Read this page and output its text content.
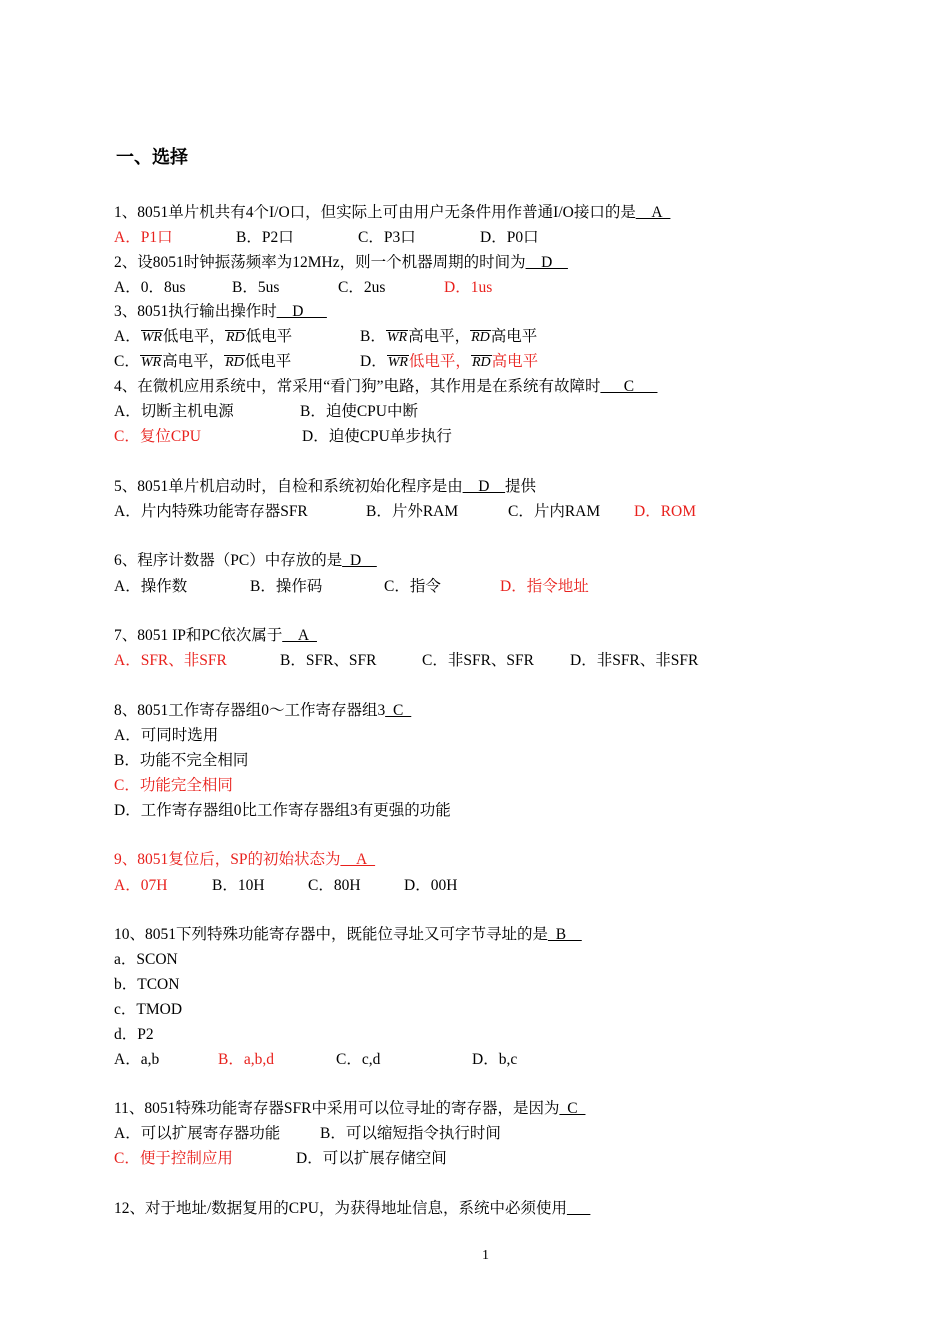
一、选择
1、8051单片机共有4个I/O口，但实际上可由用户无条件用作普通I/O接口的是__A_
A．P1口	B．P2口	C．P3口	D．P0口
2、设8051时钟振荡频率为12MHz，则一个机器周期的时间为__D__
A．0．8us	B．5us	C．2us	D．1us
3、8051执行输出操作时__D___
A．WR低电平，RD低电平	B．WR高电平，RD高电平
C．WR高电平，RD低电平	D．WR低电平，RD高电平
4、在微机应用系统中，常采用“看门狗”电路，其作用是在系统有故障时___C___
A．切断主机电源	B．迫使CPU中断
C．复位CPU	D．迫使CPU单步执行
5、8051单片机启动时，自检和系统初始化程序是由__D__提供
A．片内特殊功能寄存器SFR	B．片外RAM	C．片内RAM D．ROM
6、程序计数器（PC）中存放的是_D__
A．操作数	B．操作码	C．指令	D．指令地址
7、8051 IP和PC依次属于__A_
A．SFR、非SFR	B．SFR、SFR	C．非SFR、SFR D．非SFR、非SFR
8、8051工作寄存器组0～工作寄存器组3_C_
A．可同时选用
B．功能不完全相同
C．功能完全相同
D．工作寄存器组0比工作寄存器组3有更强的功能
9、8051复位后，SP的初始状态为__A_
A．07H	B．10H	C．80H	D．00H
10、8051下列特殊功能寄存器中，既能位寻址又可字节寻址的是_B__
a．SCON
b．TCON
c．TMOD
d．P2
A．a,b	B．a,b,d	C．c,d	D．b,c
11、8051特殊功能寄存器SFR中采用可以位寻址的寄存器，是因为_C_
A．可以扩展寄存器功能	B．可以缩短指令执行时间
C．便于控制应用	D．可以扩展存储空间
12、对于地址/数据复用的CPU，为获得地址信息，系统中必须使用___
1
